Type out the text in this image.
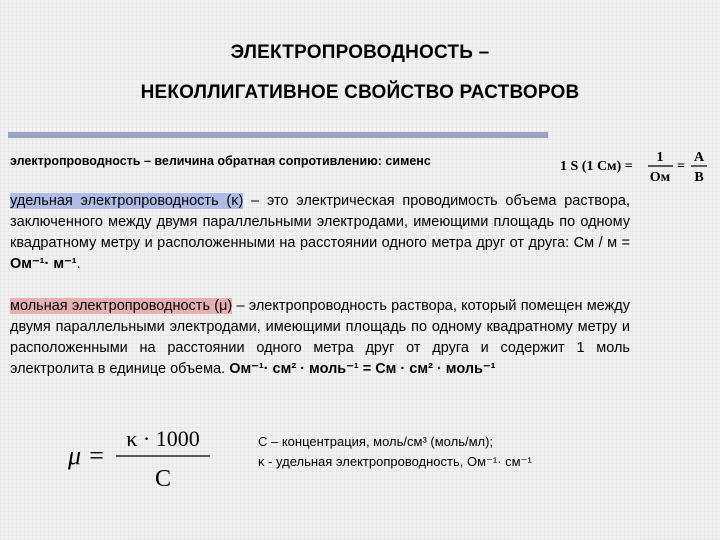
ЭЛЕКТРОПРОВОДНОСТЬ –
НЕКОЛЛИГАТИВНОЕ СВОЙСТВО РАСТВОРОВ
электропроводность – величина обратная сопротивлению: сименс	1 S (1 См) =
1
Ом
=
А
В
удельная электропроводность (κ) – это электрическая проводимость объема раствора, заключенного между двумя параллельными электродами, имеющими площадь по одному квадратному метру и расположенными на расстоянии одного метра друг от друга: См / м = Ом⁻¹· м⁻¹.
мольная электропроводность (μ) – электропроводность раствора, который помещен между двумя параллельными электродами, имеющими площадь по одному квадратному метру и расположенными на расстоянии одного метра друг от друга и содержит 1 моль электролита в единице объема. Ом⁻¹· см² · моль⁻¹ = См · см² · моль⁻¹
μ =
κ · 1000
C
С – концентрация, моль/см³ (моль/мл);
κ - удельная электропроводность, Ом⁻¹· см⁻¹
